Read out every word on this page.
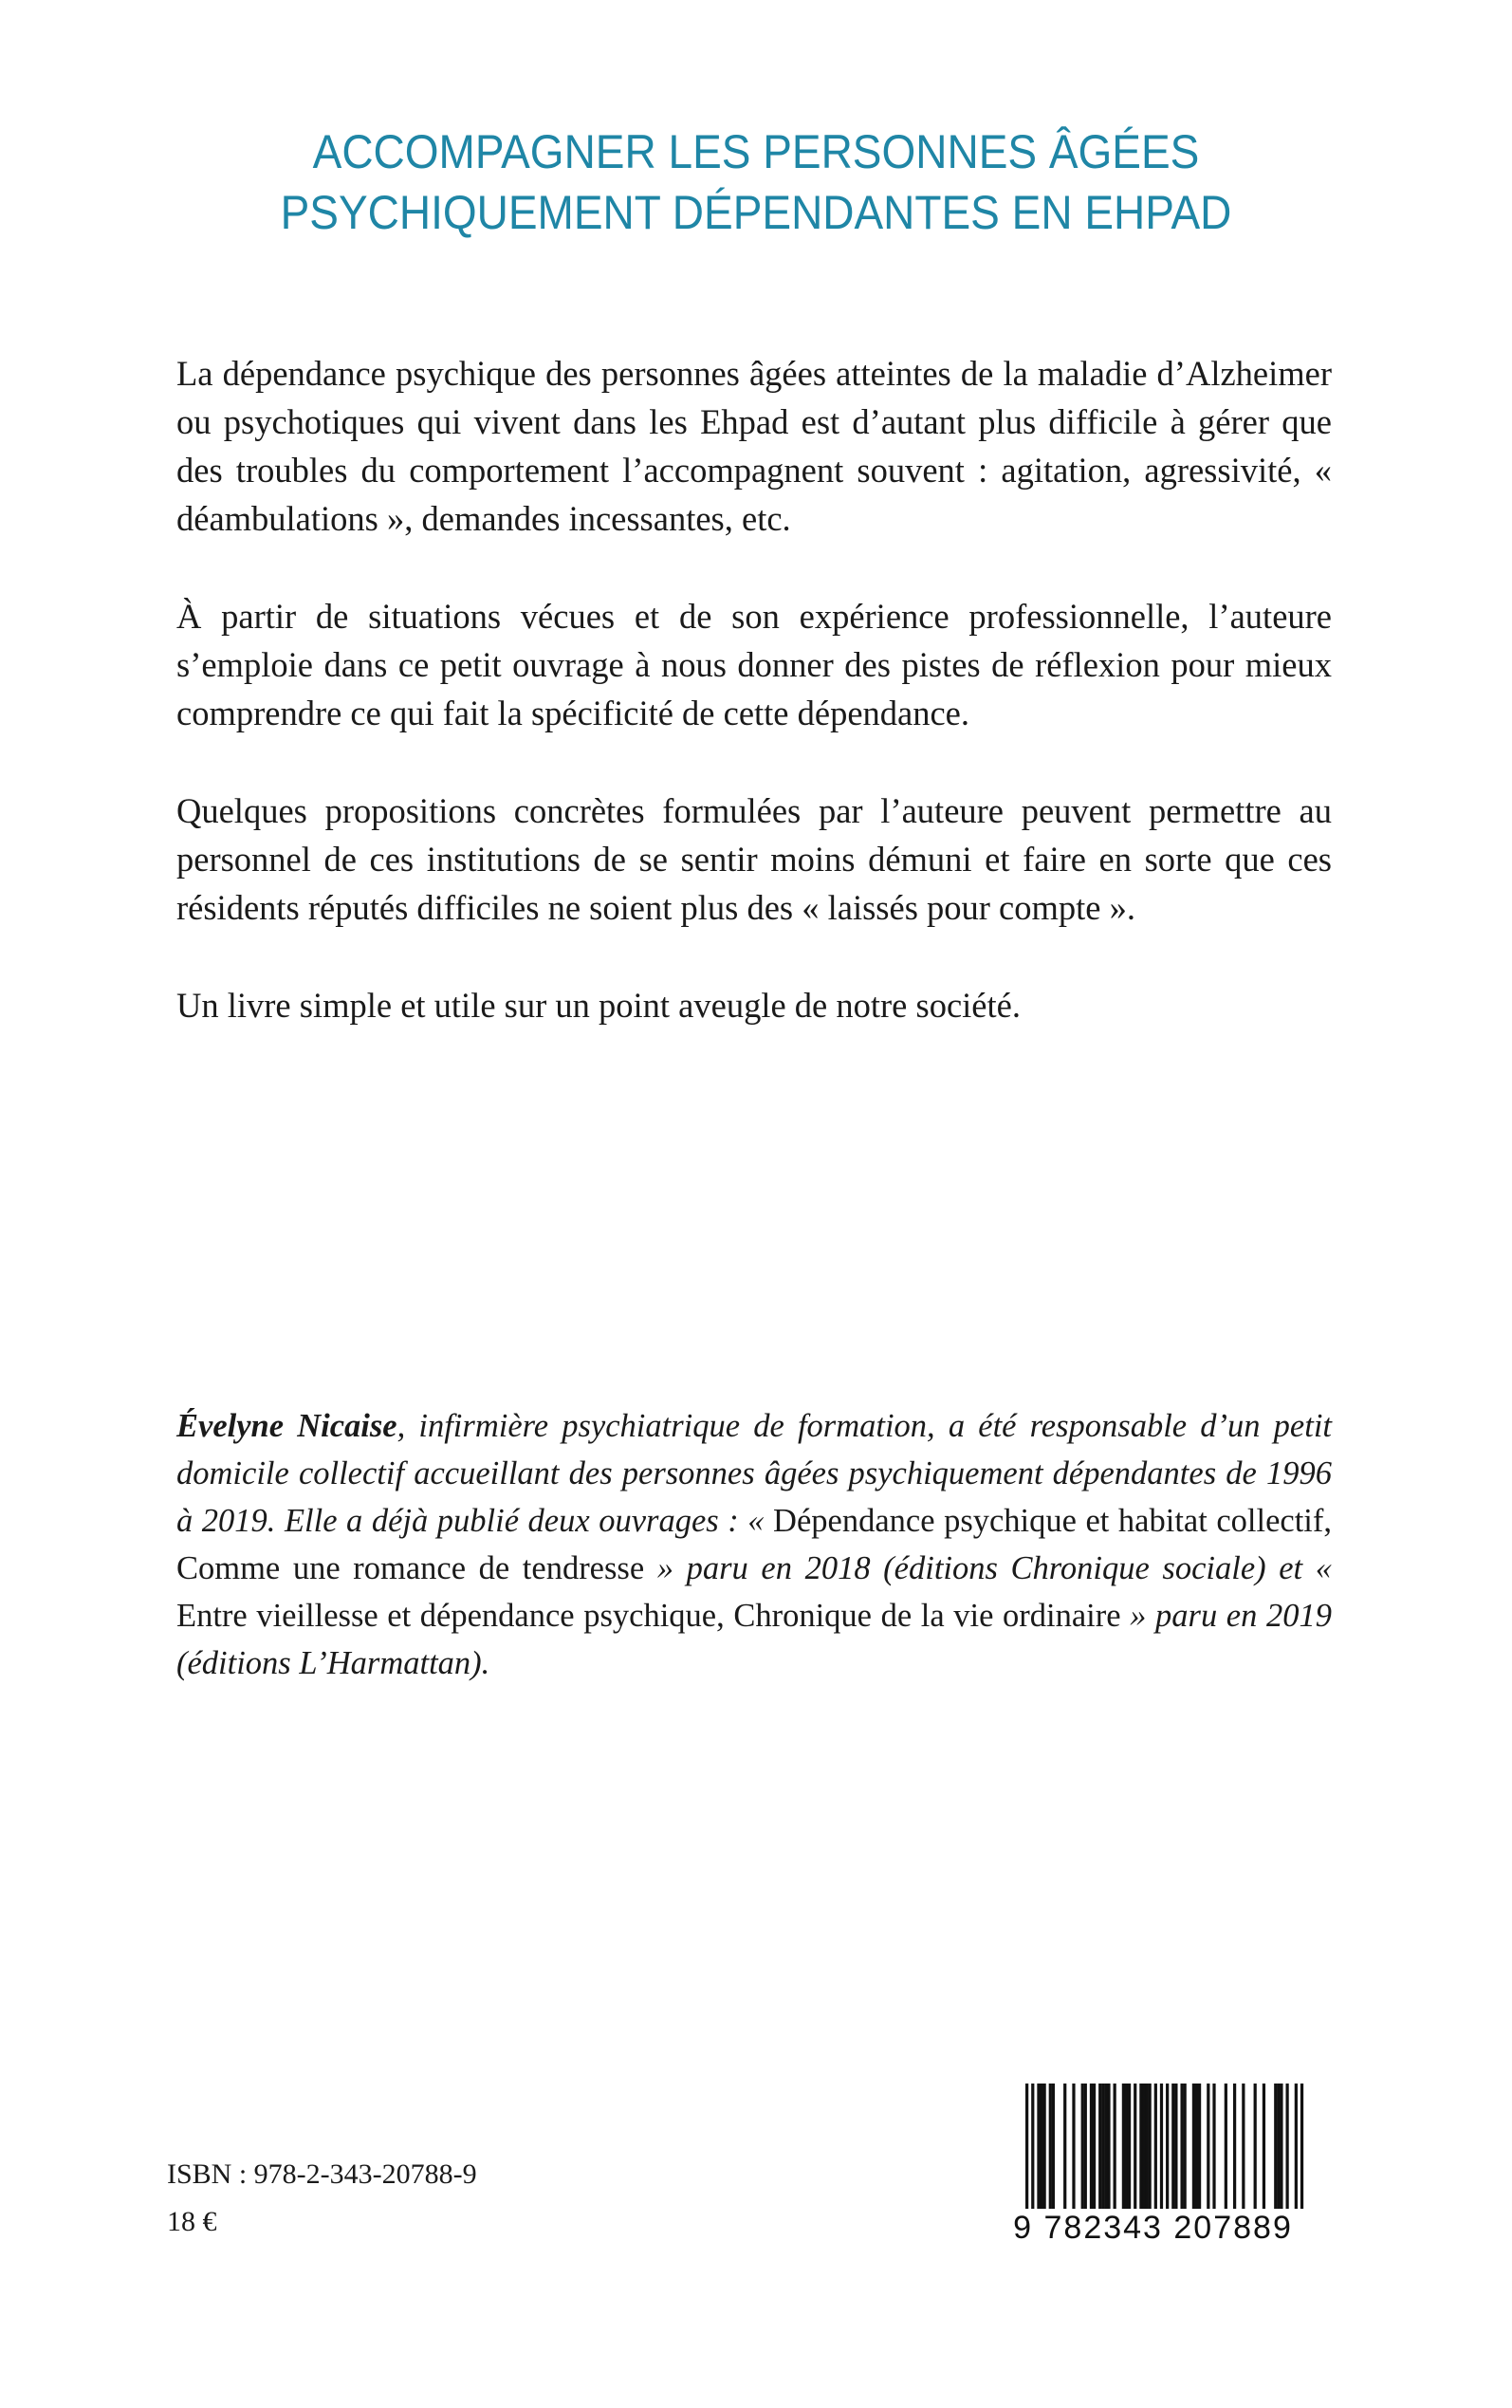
ACCOMPAGNER LES PERSONNES ÂGÉES
PSYCHIQUEMENT DÉPENDANTES EN EHPAD

La dépendance psychique des personnes âgées atteintes de la maladie d’Alzheimer ou psychotiques qui vivent dans les Ehpad est d’autant plus difficile à gérer que des troubles du comportement l’accompagnent souvent : agitation, agressivité, « déambulations », demandes incessantes, etc.

À partir de situations vécues et de son expérience professionnelle, l’auteure s’emploie dans ce petit ouvrage à nous donner des pistes de réflexion pour mieux comprendre ce qui fait la spécificité de cette dépendance.

Quelques propositions concrètes formulées par l’auteure peuvent permettre au personnel de ces institutions de se sentir moins démuni et faire en sorte que ces résidents réputés difficiles ne soient plus des « laissés pour compte ».

Un livre simple et utile sur un point aveugle de notre société.

Évelyne Nicaise, infirmière psychiatrique de formation, a été responsable d’un petit domicile collectif accueillant des personnes âgées psychiquement dépendantes de 1996 à 2019. Elle a déjà publié deux ouvrages : « Dépendance psychique et habitat collectif, Comme une romance de tendresse » paru en 2018 (éditions Chronique sociale) et « Entre vieillesse et dépendance psychique, Chronique de la vie ordinaire » paru en 2019 (éditions L’Harmattan).
ISBN : 978-2-343-20788-9
18 €	9 782343 207889
